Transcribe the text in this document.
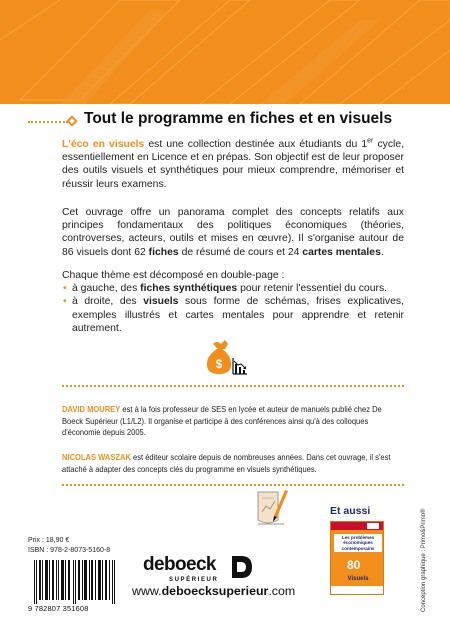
Tout le programme en fiches et en visuels

L'éco en visuels est une collection destinée aux étudiants du 1er cycle, essentiellement en Licence et en prépas. Son objectif est de leur proposer des outils visuels et synthétiques pour mieux comprendre, mémoriser et réussir leurs examens.

Cet ouvrage offre un panorama complet des concepts relatifs aux principes fondamentaux des politiques économiques (théories, controverses, acteurs, outils et mises en œuvre). Il s'organise autour de 86 visuels dont 62 fiches de résumé de cours et 24 cartes mentales.

Chaque thème est décomposé en double-page :

• à gauche, des fiches synthétiques pour retenir l'essentiel du cours.

• à droite, des visuels sous forme de schémas, frises explicatives, exemples illustrés et cartes mentales pour apprendre et retenir autrement.

$

DAVID MOUREY est à la fois professeur de SES en lycée et auteur de manuels publié chez De Boeck Supérieur (L1/L2). Il organise et participe à des conférences ainsi qu'à des colloques d'économie depuis 2005.

NICOLAS WASZAK est éditeur scolaire depuis de nombreuses années. Dans cet ouvrage, il s'est attaché à adapter des concepts clés du programme en visuels synthétiques.

Et aussi
Les problèmes économiques contemporains
80
Visuels	Conception graphique : Primo&Primo®
Prix : 18,90 €
ISBN : 978-2-8073-5160-8
9 782807 351608
deboeck
SUPÉRIEUR
www.deboecksuperieur.com
